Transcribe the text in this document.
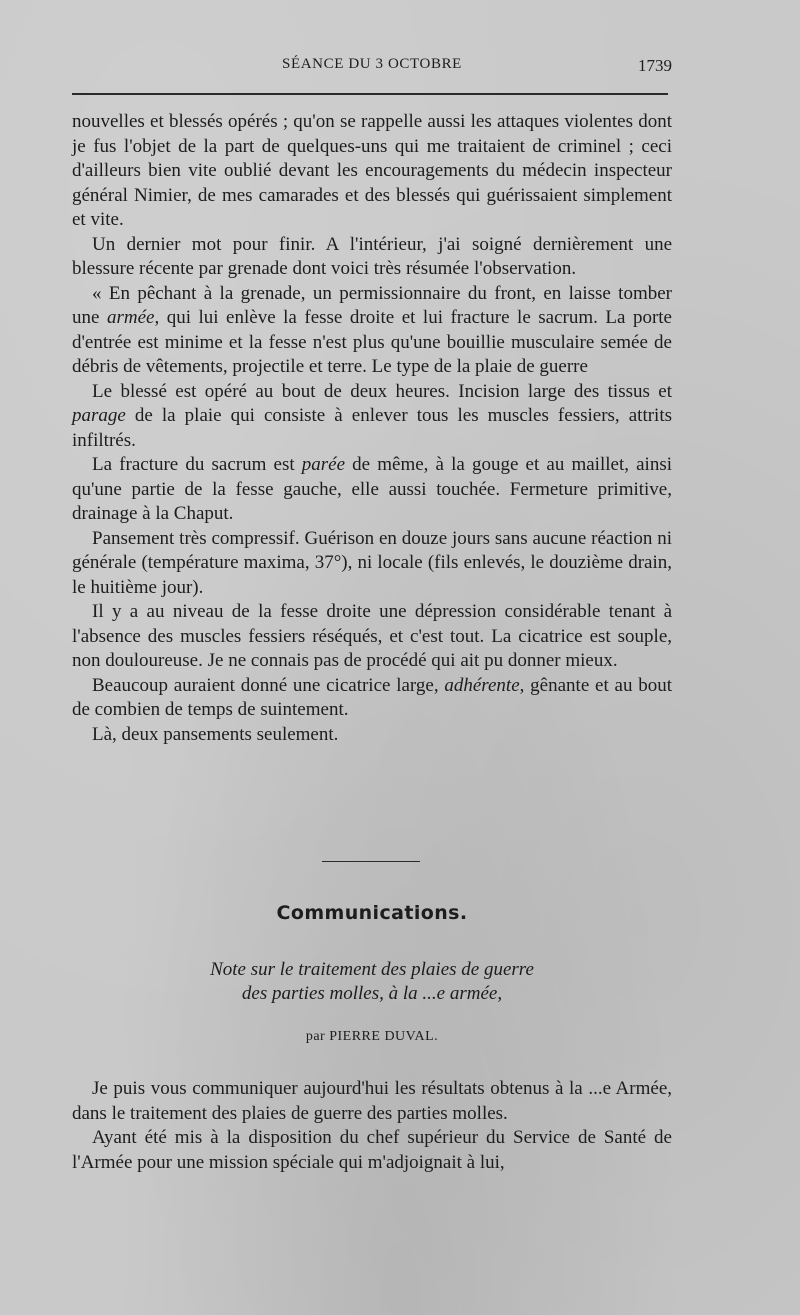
SÉANCE DU 3 OCTOBRE	1739

nouvelles et blessés opérés ; qu'on se rappelle aussi les attaques violentes dont je fus l'objet de la part de quelques-uns qui me traitaient de criminel ; ceci d'ailleurs bien vite oublié devant les encouragements du médecin inspecteur général Nimier, de mes camarades et des blessés qui guérissaient simplement et vite.

Un dernier mot pour finir. A l'intérieur, j'ai soigné dernièrement une blessure récente par grenade dont voici très résumée l'observation.

« En pêchant à la grenade, un permissionnaire du front, en laisse tomber une armée, qui lui enlève la fesse droite et lui fracture le sacrum. La porte d'entrée est minime et la fesse n'est plus qu'une bouillie musculaire semée de débris de vêtements, projectile et terre. Le type de la plaie de guerre

Le blessé est opéré au bout de deux heures. Incision large des tissus et parage de la plaie qui consiste à enlever tous les muscles fessiers, attrits infiltrés.

La fracture du sacrum est parée de même, à la gouge et au maillet, ainsi qu'une partie de la fesse gauche, elle aussi touchée. Fermeture primitive, drainage à la Chaput.

Pansement très compressif. Guérison en douze jours sans aucune réaction ni générale (température maxima, 37°), ni locale (fils enlevés, le douzième drain, le huitième jour).

Il y a au niveau de la fesse droite une dépression considérable tenant à l'absence des muscles fessiers réséqués, et c'est tout. La cicatrice est souple, non douloureuse. Je ne connais pas de procédé qui ait pu donner mieux.

Beaucoup auraient donné une cicatrice large, adhérente, gênante et au bout de combien de temps de suintement.

Là, deux pansements seulement.

Communications.
Note sur le traitement des plaies de guerre
des parties molles, à la ...e armée,
par PIERRE DUVAL.

Je puis vous communiquer aujourd'hui les résultats obtenus à la ...e Armée, dans le traitement des plaies de guerre des parties molles.

Ayant été mis à la disposition du chef supérieur du Service de Santé de l'Armée pour une mission spéciale qui m'adjoignait à lui,
